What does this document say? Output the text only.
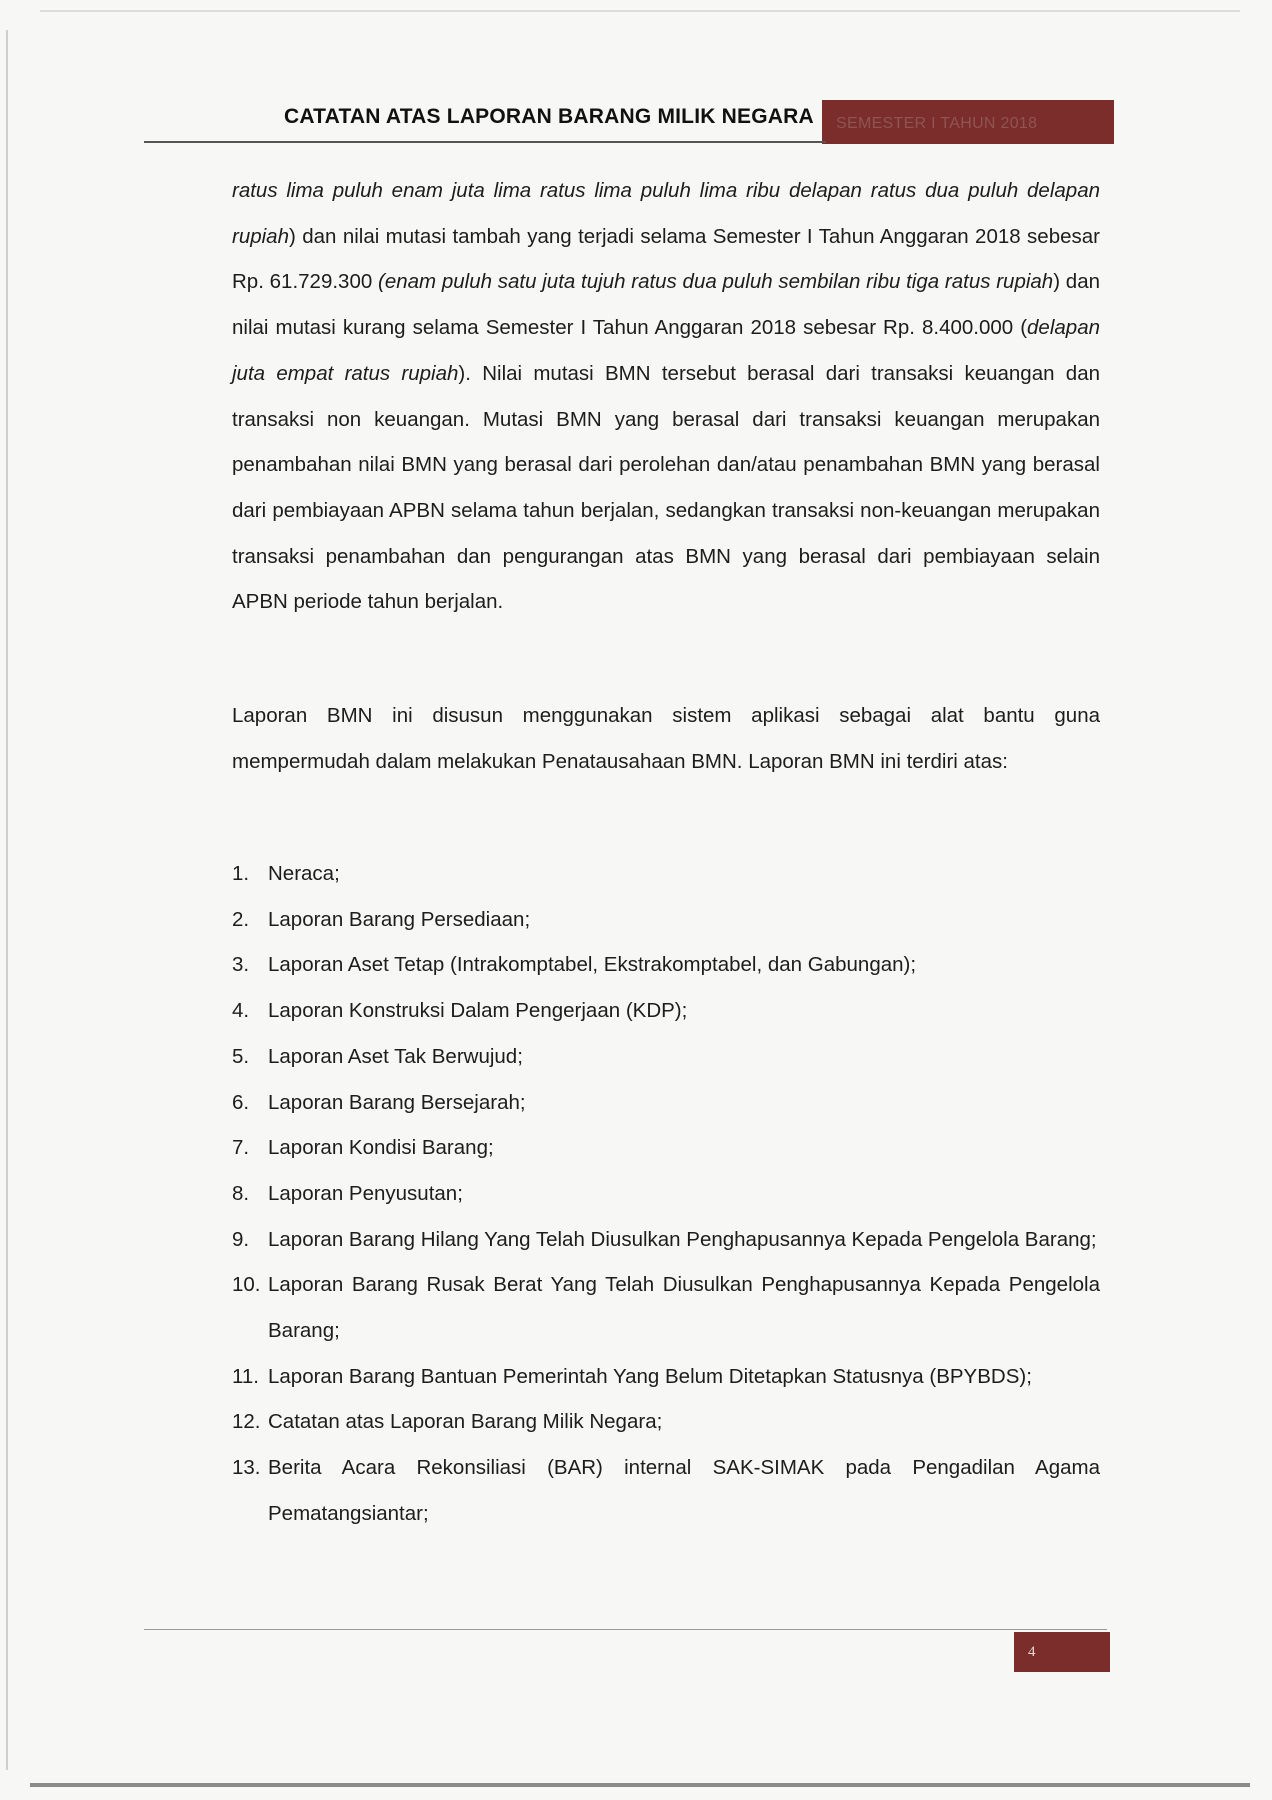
CATATAN ATAS LAPORAN BARANG MILIK NEGARA	SEMESTER I TAHUN 2018
ratus lima puluh enam juta lima ratus lima puluh lima ribu delapan ratus dua puluh delapan rupiah) dan nilai mutasi tambah yang terjadi selama Semester I Tahun Anggaran 2018 sebesar Rp. 61.729.300 (enam puluh satu juta tujuh ratus dua puluh sembilan ribu tiga ratus rupiah) dan nilai mutasi kurang selama Semester I Tahun Anggaran 2018 sebesar Rp. 8.400.000 (delapan juta empat ratus rupiah). Nilai mutasi BMN tersebut berasal dari transaksi keuangan dan transaksi non keuangan. Mutasi BMN yang berasal dari transaksi keuangan merupakan penambahan nilai BMN yang berasal dari perolehan dan/atau penambahan BMN yang berasal dari pembiayaan APBN selama tahun berjalan, sedangkan transaksi non-keuangan merupakan transaksi penambahan dan pengurangan atas BMN yang berasal dari pembiayaan selain APBN periode tahun berjalan.
Laporan BMN ini disusun menggunakan sistem aplikasi sebagai alat bantu guna mempermudah dalam melakukan Penatausahaan BMN. Laporan BMN ini terdiri atas:
1. Neraca;
2. Laporan Barang Persediaan;
3. Laporan Aset Tetap (Intrakomptabel, Ekstrakomptabel, dan Gabungan);
4. Laporan Konstruksi Dalam Pengerjaan (KDP);
5. Laporan Aset Tak Berwujud;
6. Laporan Barang Bersejarah;
7. Laporan Kondisi Barang;
8. Laporan Penyusutan;
9. Laporan Barang Hilang Yang Telah Diusulkan Penghapusannya Kepada Pengelola Barang;
10. Laporan Barang Rusak Berat Yang Telah Diusulkan Penghapusannya Kepada Pengelola Barang;
11. Laporan Barang Bantuan Pemerintah Yang Belum Ditetapkan Statusnya (BPYBDS);
12. Catatan atas Laporan Barang Milik Negara;
13. Berita Acara Rekonsiliasi (BAR) internal SAK-SIMAK pada Pengadilan Agama Pematangsiantar;
4
